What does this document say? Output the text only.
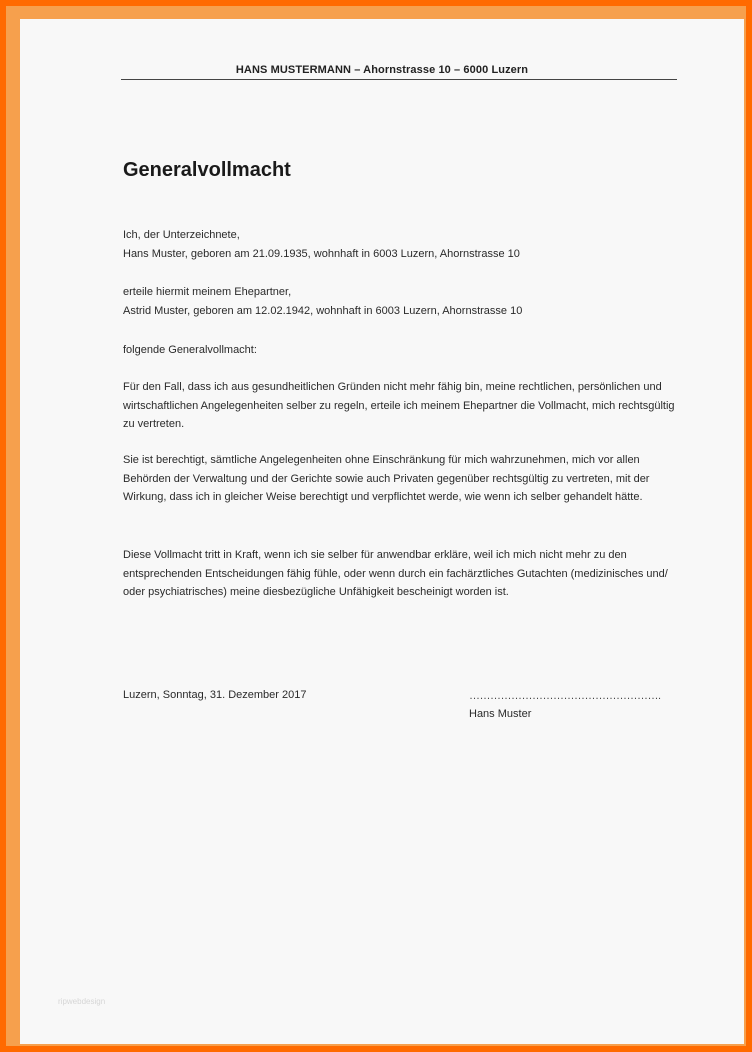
HANS MUSTERMANN – Ahornstrasse 10 – 6000 Luzern
Generalvollmacht

Ich, der Unterzeichnete,

Hans Muster, geboren am 21.09.1935, wohnhaft in 6003 Luzern, Ahornstrasse 10

erteile hiermit meinem Ehepartner,

Astrid Muster, geboren am 12.02.1942, wohnhaft in 6003 Luzern, Ahornstrasse 10

folgende Generalvollmacht:

Für den Fall, dass ich aus gesundheitlichen Gründen nicht mehr fähig bin, meine rechtlichen, persönlichen und wirtschaftlichen Angelegenheiten selber zu regeln, erteile ich meinem Ehepartner die Vollmacht, mich rechtsgültig zu vertreten.

Sie ist berechtigt, sämtliche Angelegenheiten ohne Einschränkung für mich wahrzunehmen, mich vor allen Behörden der Verwaltung und der Gerichte sowie auch Privaten gegenüber rechtsgültig zu vertreten, mit der Wirkung, dass ich in gleicher Weise berechtigt und verpflichtet werde, wie wenn ich selber gehandelt hätte.

Diese Vollmacht tritt in Kraft, wenn ich sie selber für anwendbar erkläre, weil ich mich nicht mehr zu den entsprechenden Entscheidungen fähig fühle, oder wenn durch ein fachärztliches Gutachten (medizinisches und/ oder psychiatrisches) meine diesbezügliche Unfähigkeit bescheinigt worden ist.

Luzern, Sonntag, 31. Dezember 2017	……………………………………………….
Hans Muster
ripwebdesign
